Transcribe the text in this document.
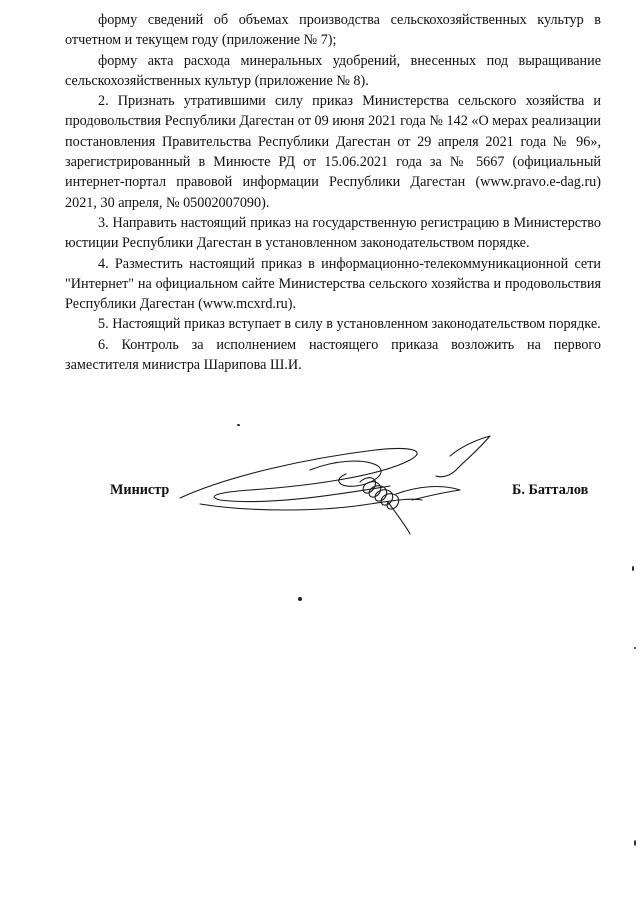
форму сведений об объемах производства сельскохозяйственных культур в отчетном и текущем году (приложение № 7);

форму акта расхода минеральных удобрений, внесенных под выращивание сельскохозяйственных культур (приложение № 8).

2. Признать утратившими силу приказ Министерства сельского хозяйства и продовольствия Республики Дагестан от 09 июня 2021 года № 142 «О мерах реализации постановления Правительства Республики Дагестан от 29 апреля 2021 года № 96», зарегистрированный в Минюсте РД от 15.06.2021 года за № 5667 (официальный интернет-портал правовой информации Республики Дагестан (www.pravo.e-dag.ru) 2021, 30 апреля, № 05002007090).

3. Направить настоящий приказ на государственную регистрацию в Министерство юстиции Республики Дагестан в установленном законодательством порядке.

4. Разместить настоящий приказ в информационно-телекоммуникационной сети "Интернет" на официальном сайте Министерства сельского хозяйства и продовольствия Республики Дагестан (www.mcxrd.ru).

5. Настоящий приказ вступает в силу в установленном законодательством порядке.

6. Контроль за исполнением настоящего приказа возложить на первого заместителя министра Шарипова Ш.И.

Министр	Б. Батталов
